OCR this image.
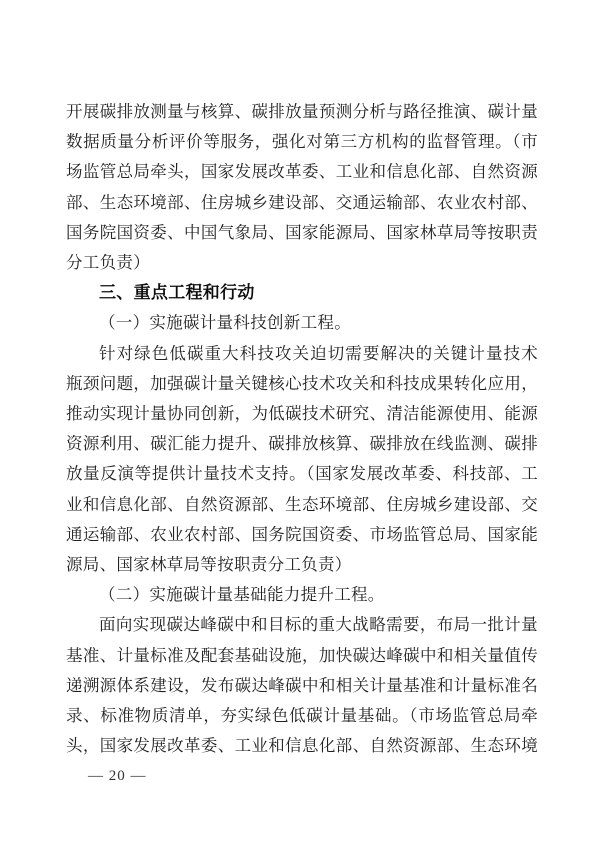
开展碳排放测量与核算、碳排放量预测分析与路径推演、碳计量
数据质量分析评价等服务，强化对第三方机构的监督管理。（市
场监管总局牵头，国家发展改革委、工业和信息化部、自然资源
部、生态环境部、住房城乡建设部、交通运输部、农业农村部、
国务院国资委、中国气象局、国家能源局、国家林草局等按职责
分工负责）
三、重点工程和行动
（一）实施碳计量科技创新工程。
针对绿色低碳重大科技攻关迫切需要解决的关键计量技术
瓶颈问题，加强碳计量关键核心技术攻关和科技成果转化应用，
推动实现计量协同创新，为低碳技术研究、清洁能源使用、能源
资源利用、碳汇能力提升、碳排放核算、碳排放在线监测、碳排
放量反演等提供计量技术支持。（国家发展改革委、科技部、工
业和信息化部、自然资源部、生态环境部、住房城乡建设部、交
通运输部、农业农村部、国务院国资委、市场监管总局、国家能
源局、国家林草局等按职责分工负责）
（二）实施碳计量基础能力提升工程。
面向实现碳达峰碳中和目标的重大战略需要，布局一批计量
基准、计量标准及配套基础设施，加快碳达峰碳中和相关量值传
递溯源体系建设，发布碳达峰碳中和相关计量基准和计量标准名
录、标准物质清单，夯实绿色低碳计量基础。（市场监管总局牵
头，国家发展改革委、工业和信息化部、自然资源部、生态环境
— 20 —
